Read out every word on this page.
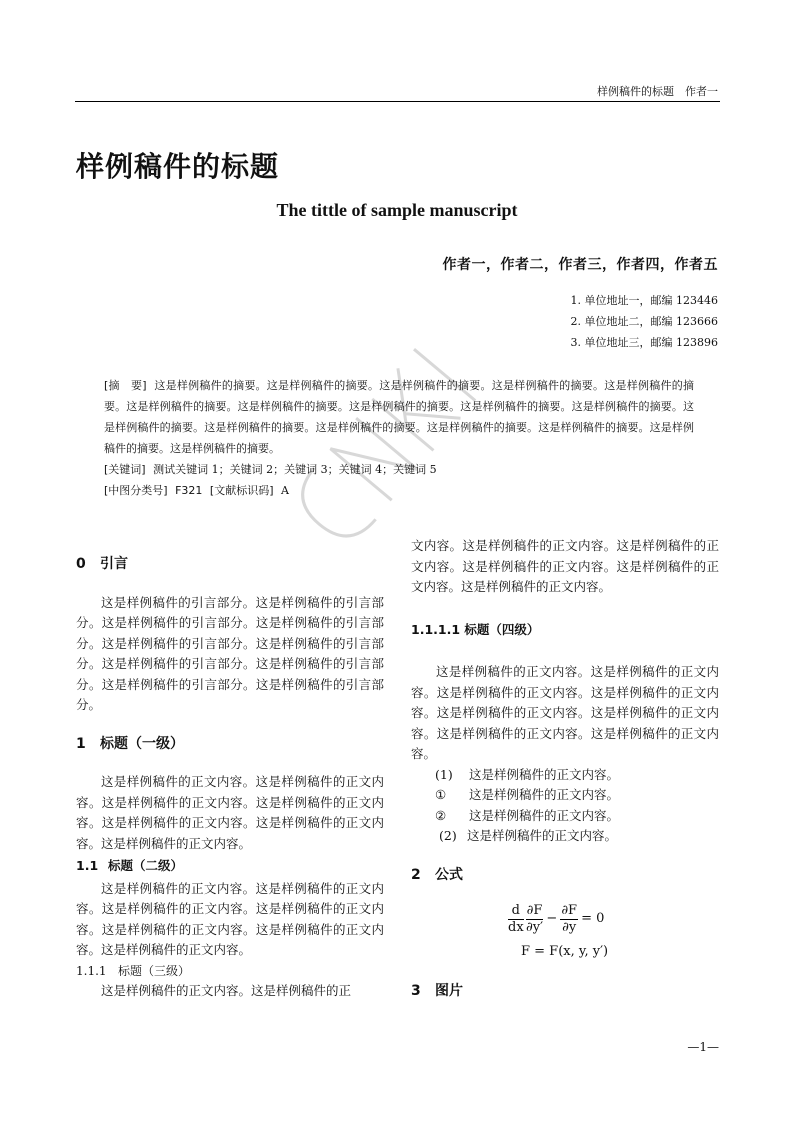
样例稿件的标题　作者一
样例稿件的标题
The tittle of sample manuscript
作者一，作者二，作者三，作者四，作者五
1. 单位地址一，邮编 123446
2. 单位地址二，邮编 123666
3. 单位地址三，邮编 123896
[摘　要] 这是样例稿件的摘要。这是样例稿件的摘要。这是样例稿件的摘要。这是样例稿件的摘要。这是样例稿件的摘要。这是样例稿件的摘要。这是样例稿件的摘要。这是样例稿件的摘要。这是样例稿件的摘要。这是样例稿件的摘要。这是样例稿件的摘要。这是样例稿件的摘要。这是样例稿件的摘要。这是样例稿件的摘要。这是样例稿件的摘要。这是样例稿件的摘要。这是样例稿件的摘要。
[关键词] 测试关键词 1；关键词 2；关键词 3；关键词 4；关键词 5
[中图分类号] F321 [文献标识码] A
0 引言

这是样例稿件的引言部分。这是样例稿件的引言部分。这是样例稿件的引言部分。这是样例稿件的引言部分。这是样例稿件的引言部分。这是样例稿件的引言部分。这是样例稿件的引言部分。这是样例稿件的引言部分。这是样例稿件的引言部分。这是样例稿件的引言部分。

1 标题（一级）

这是样例稿件的正文内容。这是样例稿件的正文内容。这是样例稿件的正文内容。这是样例稿件的正文内容。这是样例稿件的正文内容。这是样例稿件的正文内容。这是样例稿件的正文内容。

1.1 标题（二级）

这是样例稿件的正文内容。这是样例稿件的正文内容。这是样例稿件的正文内容。这是样例稿件的正文内容。这是样例稿件的正文内容。这是样例稿件的正文内容。这是样例稿件的正文内容。

1.1.1 标题（三级）

这是样例稿件的正文内容。这是样例稿件的正

文内容。这是样例稿件的正文内容。这是样例稿件的正文内容。这是样例稿件的正文内容。这是样例稿件的正文内容。这是样例稿件的正文内容。

1.1.1.1 标题（四级）

这是样例稿件的正文内容。这是样例稿件的正文内容。这是样例稿件的正文内容。这是样例稿件的正文内容。这是样例稿件的正文内容。这是样例稿件的正文内容。这是样例稿件的正文内容。这是样例稿件的正文内容。

(1) 这是样例稿件的正文内容。
① 这是样例稿件的正文内容。
② 这是样例稿件的正文内容。
(2) 这是样例稿件的正文内容。
2 公式
$\frac{d}{dx} \frac{\partial F}{\partial y'} - \frac{\partial F}{\partial y} = 0$
F = F(x, y, y′)
3 图片
—1—
